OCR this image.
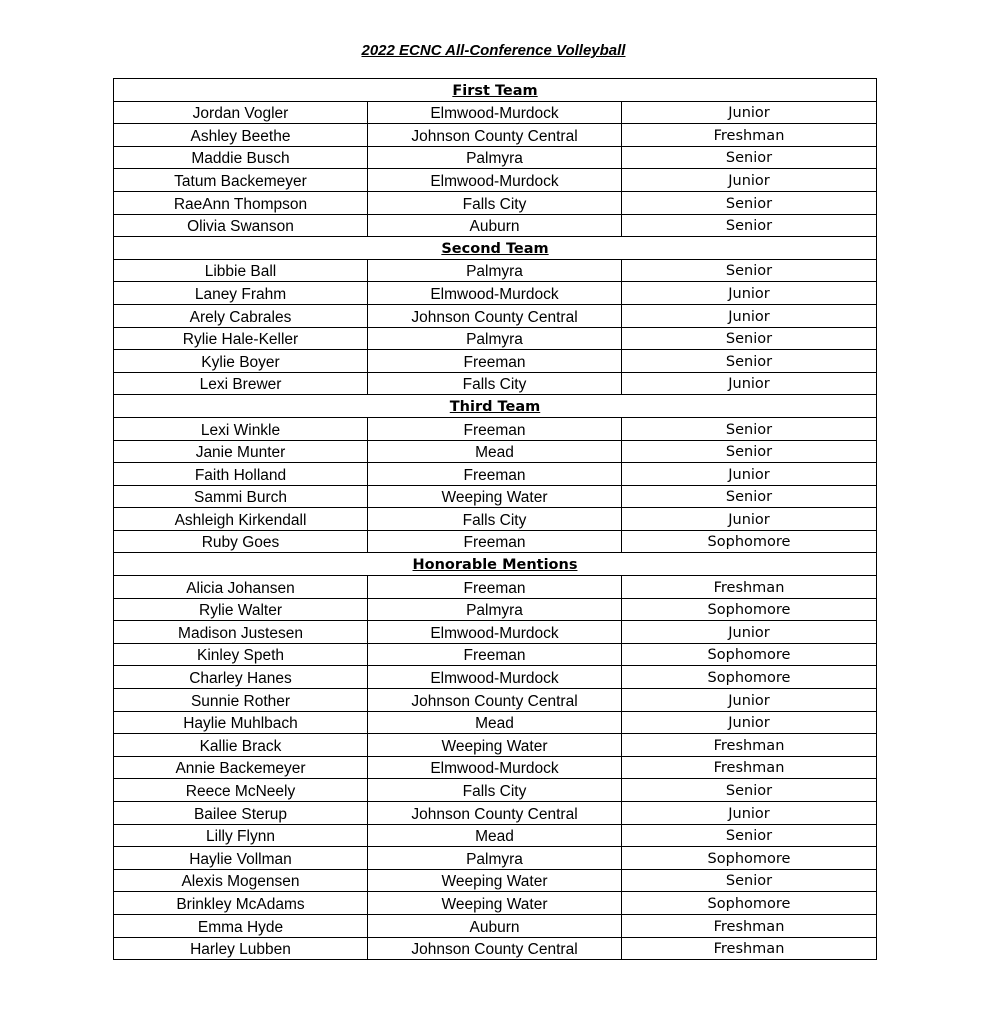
2022 ECNC All-Conference Volleyball
First Team		
Jordan Vogler	Elmwood-Murdock	Junior
Ashley Beethe	Johnson County Central	Freshman
Maddie Busch	Palmyra	Senior
Tatum Backemeyer	Elmwood-Murdock	Junior
RaeAnn Thompson	Falls City	Senior
Olivia Swanson	Auburn	Senior
Second Team		
Libbie Ball	Palmyra	Senior
Laney Frahm	Elmwood-Murdock	Junior
Arely Cabrales	Johnson County Central	Junior
Rylie Hale-Keller	Palmyra	Senior
Kylie Boyer	Freeman	Senior
Lexi Brewer	Falls City	Junior
Third Team		
Lexi Winkle	Freeman	Senior
Janie Munter	Mead	Senior
Faith Holland	Freeman	Junior
Sammi Burch	Weeping Water	Senior
Ashleigh Kirkendall	Falls City	Junior
Ruby Goes	Freeman	Sophomore
Honorable Mentions		
Alicia Johansen	Freeman	Freshman
Rylie Walter	Palmyra	Sophomore
Madison Justesen	Elmwood-Murdock	Junior
Kinley Speth	Freeman	Sophomore
Charley Hanes	Elmwood-Murdock	Sophomore
Sunnie Rother	Johnson County Central	Junior
Haylie Muhlbach	Mead	Junior
Kallie Brack	Weeping Water	Freshman
Annie Backemeyer	Elmwood-Murdock	Freshman
Reece McNeely	Falls City	Senior
Bailee Sterup	Johnson County Central	Junior
Lilly Flynn	Mead	Senior
Haylie Vollman	Palmyra	Sophomore
Alexis Mogensen	Weeping Water	Senior
Brinkley McAdams	Weeping Water	Sophomore
Emma Hyde	Auburn	Freshman
Harley Lubben	Johnson County Central	Freshman
